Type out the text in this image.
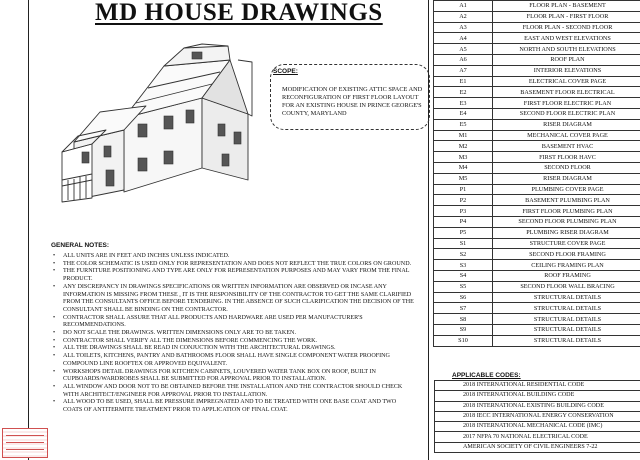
MD HOUSE DRAWINGS
SCOPE:
MODIFICATION OF EXISTING ATTIC SPACE AND RECONFIGURATION OF FIRST FLOOR LAYOUT FOR AN EXISTING HOUSE IN PRINCE GEORGE'S COUNTY, MARYLAND
GENERAL NOTES:
• ALL UNITS ARE IN FEET AND INCHES UNLESS INDICATED.
• THE COLOR SCHEMATIC IS USED ONLY FOR REPRESENTATION AND DOES NOT REFLECT THE TRUE COLORS ON GROUND.
• THE FURNITURE POSITIONING AND TYPE ARE ONLY FOR REPRESENTATION PURPOSES AND MAY VARY FROM THE FINAL PRODUCT.
• ANY DISCREPANCY IN DRAWINGS SPECIFICATIONS OR WRITTEN INFORMATION ARE OBSERVED OR INCASE ANY INFORMATION IS MISSING FROM THESE , IT IS THE RESPONSIBILITY OF THE CONTRACTOR TO GET THE SAME CLARIFIED FROM THE CONSULTANTS OFFICE BEFORE TENDERING. IN THE ABSENCE OF SUCH CLARIFICATION THE DECISION OF THE CONSULTANT SHALL BE BINDING ON THE CONTRACTOR.
• CONTRACTOR SHALL ASSURE THAT ALL PRODUCTS AND HARDWARE ARE USED PER MANUFACTURER'S RECOMMENDATIONS.
• DO NOT SCALE THE DRAWINGS. WRITTEN DIMENSIONS ONLY ARE TO BE TAKEN.
• CONTRACTOR SHALL VERIFY ALL THE DIMENSIONS BEFORE COMMENCING THE WORK.
• ALL THE DRAWINGS SHALL BE READ IN CONJUCTION WITH THE ARCHITECTURAL DRAWINGS.
• ALL TOILETS, KITCHENS, PANTRY AND BATHROOMS FLOOR SHALL HAVE SINGLE COMPONENT WATER PROOFING COMPOUND LINE ROOFTEX OR APPROVED EQUIVALENT.
• WORKSHOPS DETAIL DRAWINGS FOR KITCHEN CABINETS, LOUVERED WATER TANK BOX ON ROOF, BUILT IN CUPBOARDS/WARDROBES SHALL BE SUBMITTED FOR APPROVAL PRIOR TO INSTALLATION.
• ALL WINDOW AND DOOR NOT TO BE OBTAINED BEFORE THE INSTALLATION AND THE CONTRACTOR SHOULD CHECK WITH ARCHITECT/ENGINEER FOR APPROVAL PRIOR TO INSTALLATION.
• ALL WOOD TO BE USED, SHALL BE PRESSURE IMPREGNATED AND TO BE TREATED WITH ONE BASE COAT AND TWO COATS OF ANTITERMITE TREATMENT PRIOR TO APPLICATION OF FINAL COAT.
A1	FLOOR PLAN - BASEMENT
A2	FLOOR PLAN - FIRST FLOOR
A3	FLOOR PLAN - SECOND FLOOR
A4	EAST AND WEST ELEVATIONS
A5	NORTH AND SOUTH ELEVATIONS
A6	ROOF PLAN
A7	INTERIOR ELEVATIONS
E1	ELECTRICAL COVER PAGE
E2	BASEMENT FLOOR ELECTRICAL
E3	FIRST FLOOR ELECTRIC PLAN
E4	SECOND FLOOR ELECTRIC PLAN
E5	RISER DIAGRAM
M1	MECHANICAL COVER PAGE
M2	BASEMENT HVAC
M3	FIRST FLOOR HAVC
M4	SECOND FLOOR
M5	RISER DIAGRAM
P1	PLUMBING COVER PAGE
P2	BASEMENT PLUMBING PLAN
P3	FIRST FLOOR PLUMBING PLAN
P4	SECOND FLOOR PLUMBING PLAN
P5	PLUMBING RISER DIAGRAM
S1	STRUCTURE COVER PAGE
S2	SECOND FLOOR FRAMING
S3	CEILING FRAMING PLAN
S4	ROOF FRAMING
S5	SECOND FLOOR WALL BRACING
S6	STRUCTURAL DETAILS
S7	STRUCTURAL DETAILS
S8	STRUCTURAL DETAILS
S9	STRUCTURAL DETAILS
S10	STRUCTURAL DETAILS
APPLICABLE CODES:
2018 INTERNATIONAL RESIDENTIAL CODE
2018 INTERNATIONAL BUILDING CODE
2018 INTERNATIONAL EXISTING BUILDING CODE
2018 IECC INTERNATIONAL ENERGY CONSERVATION
2018 INTERNATIONAL MECHANICAL CODE (IMC)
2017 NFPA 70 NATIONAL ELECTRICAL CODE
AMERICAN SOCIETY OF CIVIL ENGINEERS 7-22
